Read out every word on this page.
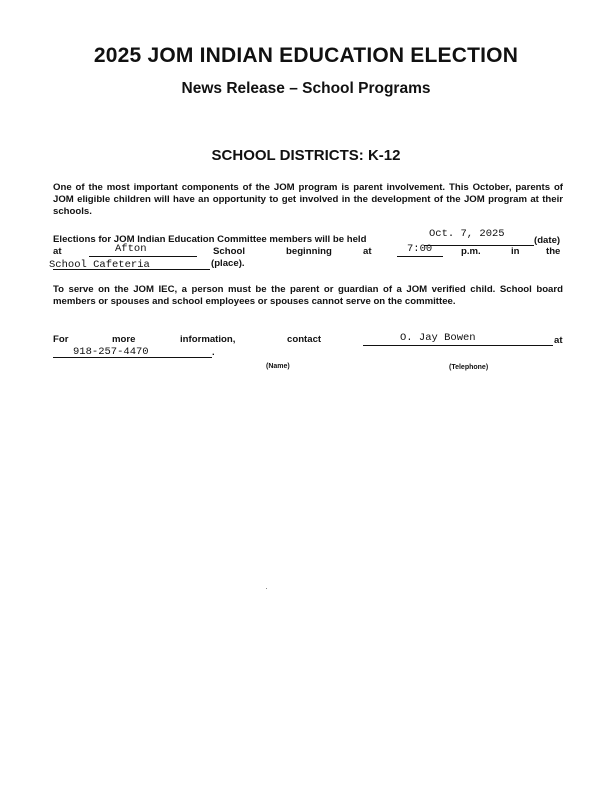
2025 JOM INDIAN EDUCATION ELECTION
News Release – School Programs
SCHOOL DISTRICTS: K-12
One of the most important components of the JOM program is parent involvement. This October, parents of JOM eligible children will have an opportunity to get involved in the development of the JOM program at their schools.
Elections for JOM Indian Education Committee members will be held	Oct. 7, 2025
(date)
at	Afton	School	beginning	at	7:00	p.m.	in	the
School Cafeteria	(place).
To serve on the JOM IEC, a person must be the parent or guardian of a JOM verified child. School board members or spouses and school employees or spouses cannot serve on the committee.
For	more	information,	contact	O. Jay Bowen	at
918-257-4470	.
(Name)	(Telephone)
